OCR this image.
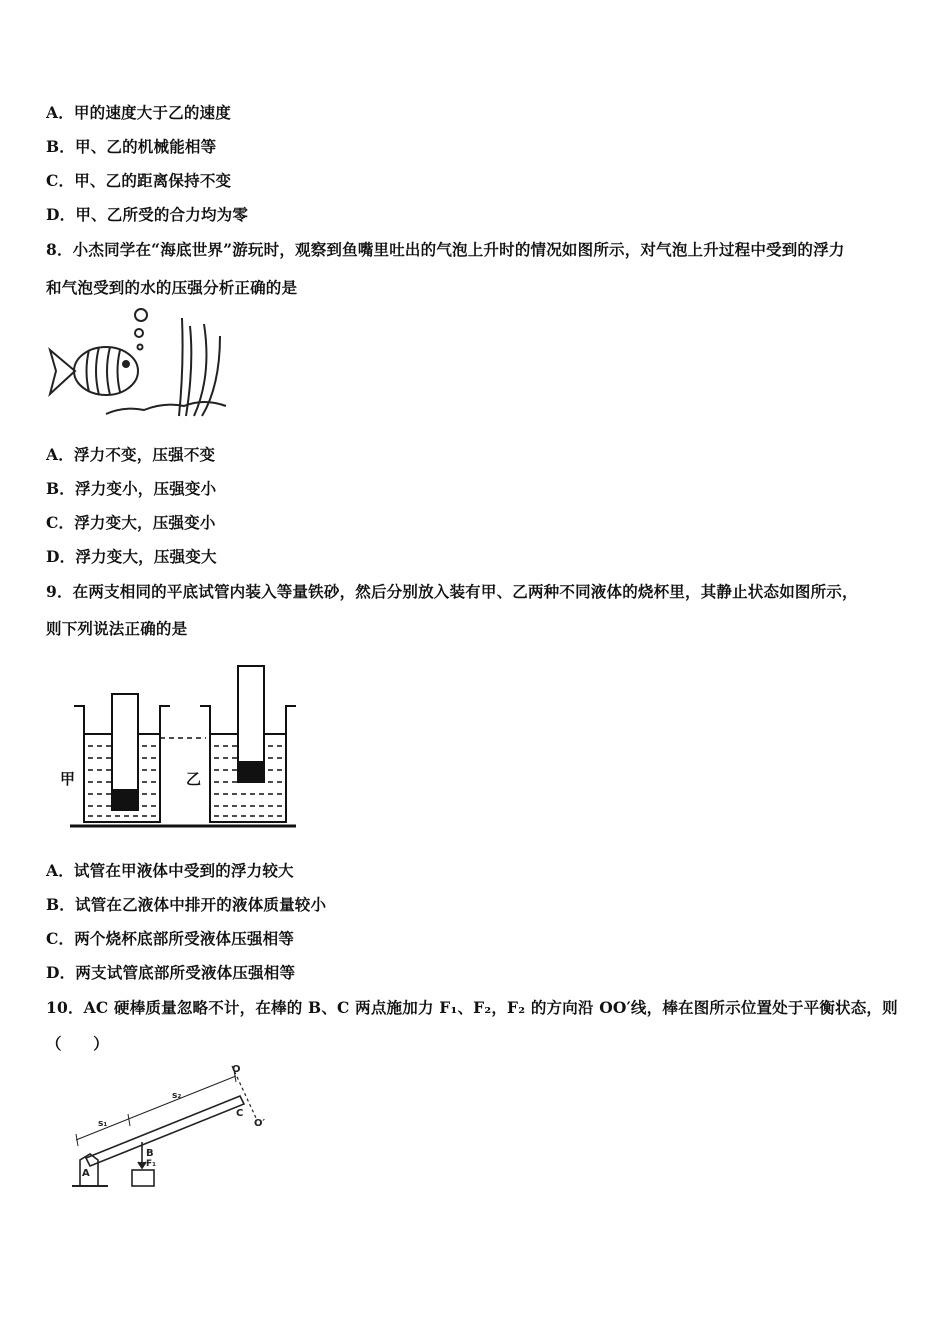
A．甲的速度大于乙的速度
B．甲、乙的机械能相等
C．甲、乙的距离保持不变
D．甲、乙所受的合力均为零
8．小杰同学在“海底世界”游玩时，观察到鱼嘴里吐出的气泡上升时的情况如图所示，对气泡上升过程中受到的浮力
和气泡受到的水的压强分析正确的是
A．浮力不变，压强不变
B．浮力变小，压强变小
C．浮力变大，压强变小
D．浮力变大，压强变大
9．在两支相同的平底试管内装入等量铁砂，然后分别放入装有甲、乙两种不同液体的烧杯里，其静止状态如图所示，
则下列说法正确的是
甲	乙
A．试管在甲液体中受到的浮力较大
B．试管在乙液体中排开的液体质量较小
C．两个烧杯底部所受液体压强相等
D．两支试管底部所受液体压强相等
10．AC 硬棒质量忽略不计，在棒的 B、C 两点施加力 F₁、F₂，F₂ 的方向沿 OO′线，棒在图所示位置处于平衡状态，则
（　　）
A
B
C
O
O′
F₁
s₁
s₂
